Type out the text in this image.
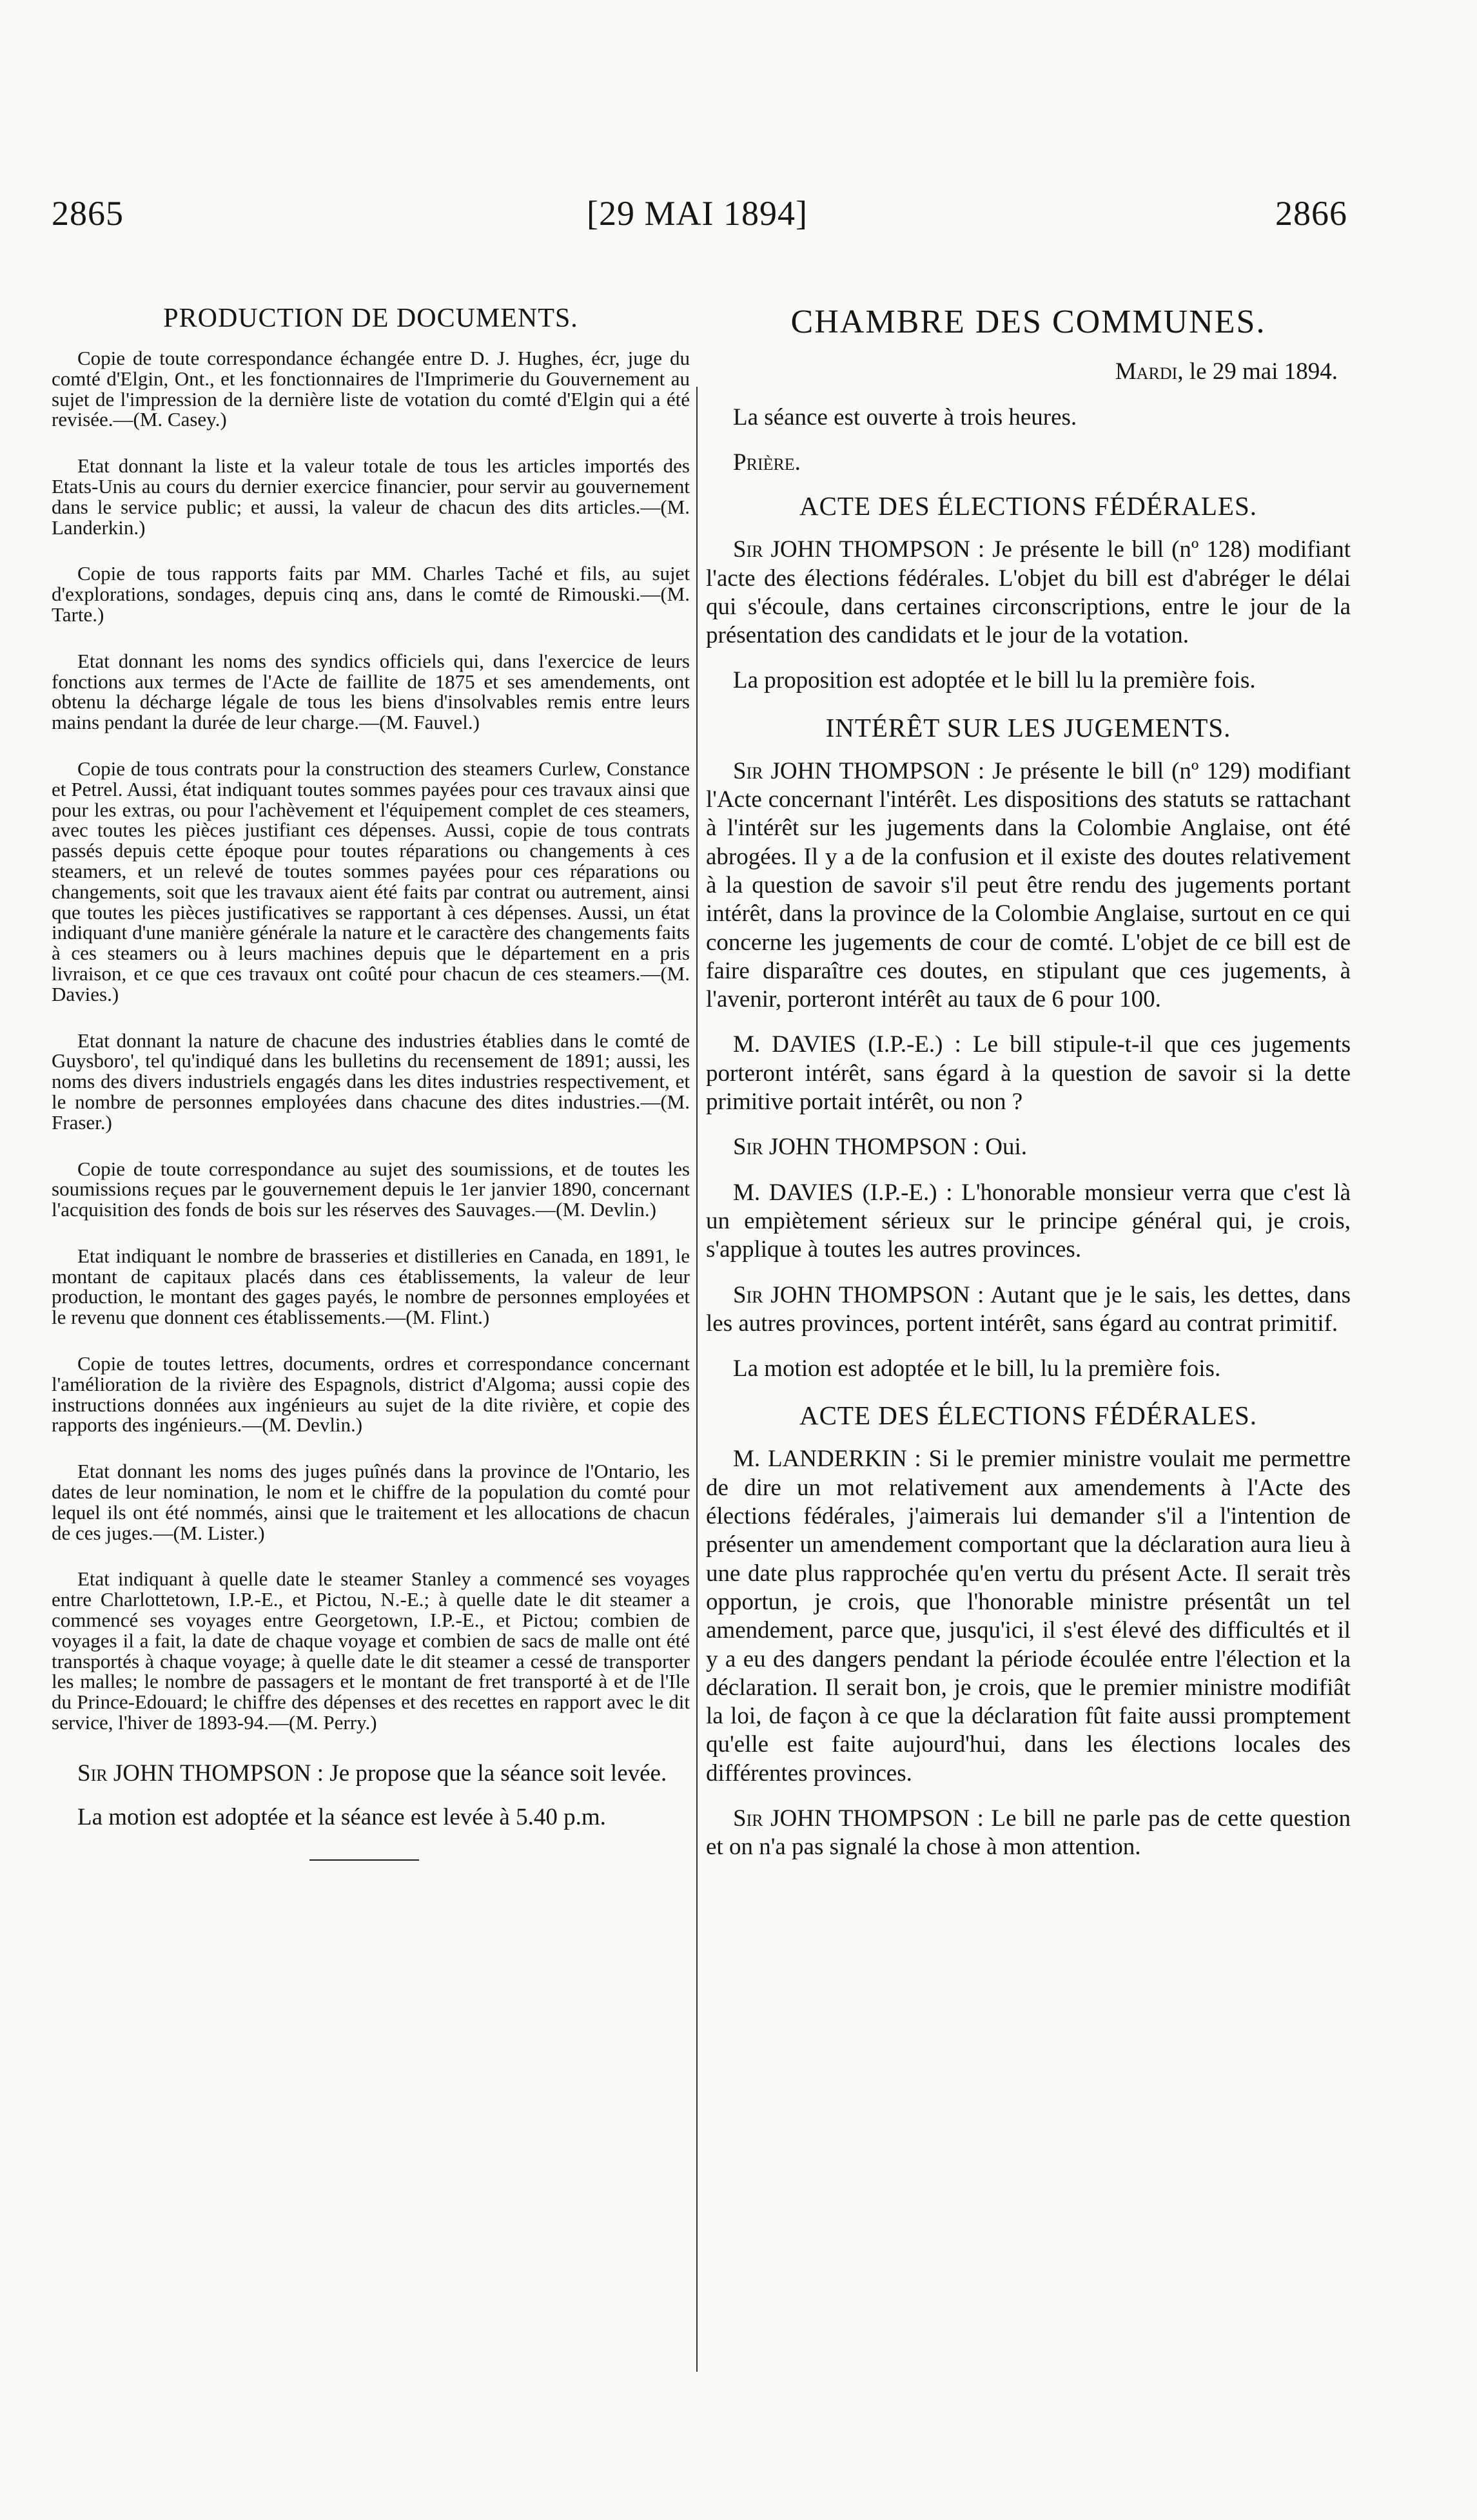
2865	[29 MAI 1894]	2866
PRODUCTION DE DOCUMENTS.

Copie de toute correspondance échangée entre D. J. Hughes, écr, juge du comté d'Elgin, Ont., et les fonctionnaires de l'Imprimerie du Gouvernement au sujet de l'impression de la dernière liste de votation du comté d'Elgin qui a été revisée.—(M. Casey.)

Etat donnant la liste et la valeur totale de tous les articles importés des Etats-Unis au cours du dernier exercice financier, pour servir au gouvernement dans le service public; et aussi, la valeur de chacun des dits articles.—(M. Landerkin.)

Copie de tous rapports faits par MM. Charles Taché et fils, au sujet d'explorations, sondages, depuis cinq ans, dans le comté de Rimouski.—(M. Tarte.)

Etat donnant les noms des syndics officiels qui, dans l'exercice de leurs fonctions aux termes de l'Acte de faillite de 1875 et ses amendements, ont obtenu la décharge légale de tous les biens d'insolvables remis entre leurs mains pendant la durée de leur charge.—(M. Fauvel.)

Copie de tous contrats pour la construction des steamers Curlew, Constance et Petrel. Aussi, état indiquant toutes sommes payées pour ces travaux ainsi que pour les extras, ou pour l'achèvement et l'équipement complet de ces steamers, avec toutes les pièces justifiant ces dépenses. Aussi, copie de tous contrats passés depuis cette époque pour toutes réparations ou changements à ces steamers, et un relevé de toutes sommes payées pour ces réparations ou changements, soit que les travaux aient été faits par contrat ou autrement, ainsi que toutes les pièces justificatives se rapportant à ces dépenses. Aussi, un état indiquant d'une manière générale la nature et le caractère des changements faits à ces steamers ou à leurs machines depuis que le département en a pris livraison, et ce que ces travaux ont coûté pour chacun de ces steamers.—(M. Davies.)

Etat donnant la nature de chacune des industries établies dans le comté de Guysboro', tel qu'indiqué dans les bulletins du recensement de 1891; aussi, les noms des divers industriels engagés dans les dites industries respectivement, et le nombre de personnes employées dans chacune des dites industries.—(M. Fraser.)

Copie de toute correspondance au sujet des soumissions, et de toutes les soumissions reçues par le gouvernement depuis le 1er janvier 1890, concernant l'acquisition des fonds de bois sur les réserves des Sauvages.—(M. Devlin.)

Etat indiquant le nombre de brasseries et distilleries en Canada, en 1891, le montant de capitaux placés dans ces établissements, la valeur de leur production, le montant des gages payés, le nombre de personnes employées et le revenu que donnent ces établissements.—(M. Flint.)

Copie de toutes lettres, documents, ordres et correspondance concernant l'amélioration de la rivière des Espagnols, district d'Algoma; aussi copie des instructions données aux ingénieurs au sujet de la dite rivière, et copie des rapports des ingénieurs.—(M. Devlin.)

Etat donnant les noms des juges puînés dans la province de l'Ontario, les dates de leur nomination, le nom et le chiffre de la population du comté pour lequel ils ont été nommés, ainsi que le traitement et les allocations de chacun de ces juges.—(M. Lister.)

Etat indiquant à quelle date le steamer Stanley a commencé ses voyages entre Charlottetown, I.P.-E., et Pictou, N.-E.; à quelle date le dit steamer a commencé ses voyages entre Georgetown, I.P.-E., et Pictou; combien de voyages il a fait, la date de chaque voyage et combien de sacs de malle ont été transportés à chaque voyage; à quelle date le dit steamer a cessé de transporter les malles; le nombre de passagers et le montant de fret transporté à et de l'Ile du Prince-Edouard; le chiffre des dépenses et des recettes en rapport avec le dit service, l'hiver de 1893-94.—(M. Perry.)

Sir JOHN THOMPSON : Je propose que la séance soit levée.

La motion est adoptée et la séance est levée à 5.40 p.m.

CHAMBRE DES COMMUNES.
Mardi, le 29 mai 1894.

La séance est ouverte à trois heures.

Prière.

ACTE DES ÉLECTIONS FÉDÉRALES.

Sir JOHN THOMPSON : Je présente le bill (nº 128) modifiant l'acte des élections fédérales. L'objet du bill est d'abréger le délai qui s'écoule, dans certaines circonscriptions, entre le jour de la présentation des candidats et le jour de la votation.

La proposition est adoptée et le bill lu la première fois.

INTÉRÊT SUR LES JUGEMENTS.

Sir JOHN THOMPSON : Je présente le bill (nº 129) modifiant l'Acte concernant l'intérêt. Les dispositions des statuts se rattachant à l'intérêt sur les jugements dans la Colombie Anglaise, ont été abrogées. Il y a de la confusion et il existe des doutes relativement à la question de savoir s'il peut être rendu des jugements portant intérêt, dans la province de la Colombie Anglaise, surtout en ce qui concerne les jugements de cour de comté. L'objet de ce bill est de faire disparaître ces doutes, en stipulant que ces jugements, à l'avenir, porteront intérêt au taux de 6 pour 100.

M. DAVIES (I.P.-E.) : Le bill stipule-t-il que ces jugements porteront intérêt, sans égard à la question de savoir si la dette primitive portait intérêt, ou non ?

Sir JOHN THOMPSON : Oui.

M. DAVIES (I.P.-E.) : L'honorable monsieur verra que c'est là un empiètement sérieux sur le principe général qui, je crois, s'applique à toutes les autres provinces.

Sir JOHN THOMPSON : Autant que je le sais, les dettes, dans les autres provinces, portent intérêt, sans égard au contrat primitif.

La motion est adoptée et le bill, lu la première fois.

ACTE DES ÉLECTIONS FÉDÉRALES.

M. LANDERKIN : Si le premier ministre voulait me permettre de dire un mot relativement aux amendements à l'Acte des élections fédérales, j'aimerais lui demander s'il a l'intention de présenter un amendement comportant que la déclaration aura lieu à une date plus rapprochée qu'en vertu du présent Acte. Il serait très opportun, je crois, que l'honorable ministre présentât un tel amendement, parce que, jusqu'ici, il s'est élevé des difficultés et il y a eu des dangers pendant la période écoulée entre l'élection et la déclaration. Il serait bon, je crois, que le premier ministre modifiât la loi, de façon à ce que la déclaration fût faite aussi promptement qu'elle est faite aujourd'hui, dans les élections locales des différentes provinces.

Sir JOHN THOMPSON : Le bill ne parle pas de cette question et on n'a pas signalé la chose à mon attention.
